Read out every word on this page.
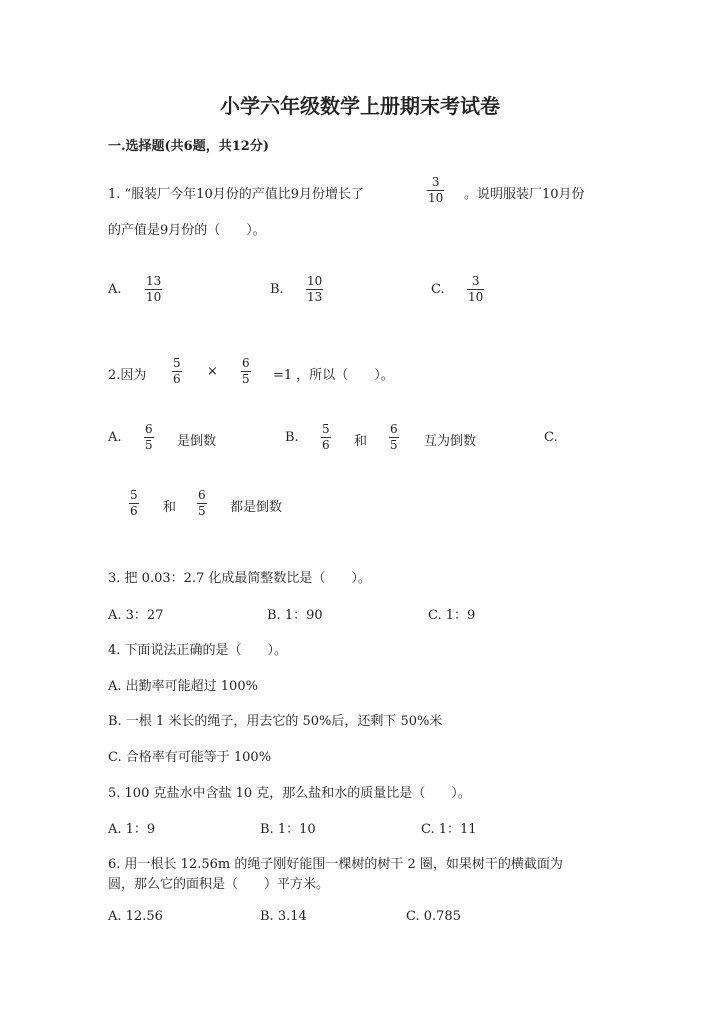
小学六年级数学上册期末考试卷
一.选择题(共6题，共12分)
1. “服装厂今年10月份的产值比9月份增长了
3
10 。说明服装厂10月份
的产值是9月份的（　　）。
A.
13
10	B.
10
13	C.
3
10
2.因为
5
6 ×
6
5 =1 ，所以（　　）。
A.
6
5 是倒数	B.
5
6 和
6
5 互为倒数	C.
5
6 和
6
5 都是倒数
3. 把 0.03：2.7 化成最简整数比是（　　）。
A. 3：27	B. 1：90	C. 1：9
4. 下面说法正确的是（　　）。
A. 出勤率可能超过 100%
B. 一根 1 米长的绳子，用去它的 50%后，还剩下 50%米
C. 合格率有可能等于 100%
5. 100 克盐水中含盐 10 克，那么盐和水的质量比是（　　）。
A. 1：9	B. 1：10	C. 1：11
6. 用一根长 12.56m 的绳子刚好能围一棵树的树干 2 圈，如果树干的横截面为
圆，那么它的面积是（　　）平方米。
A. 12.56	B. 3.14	C. 0.785
